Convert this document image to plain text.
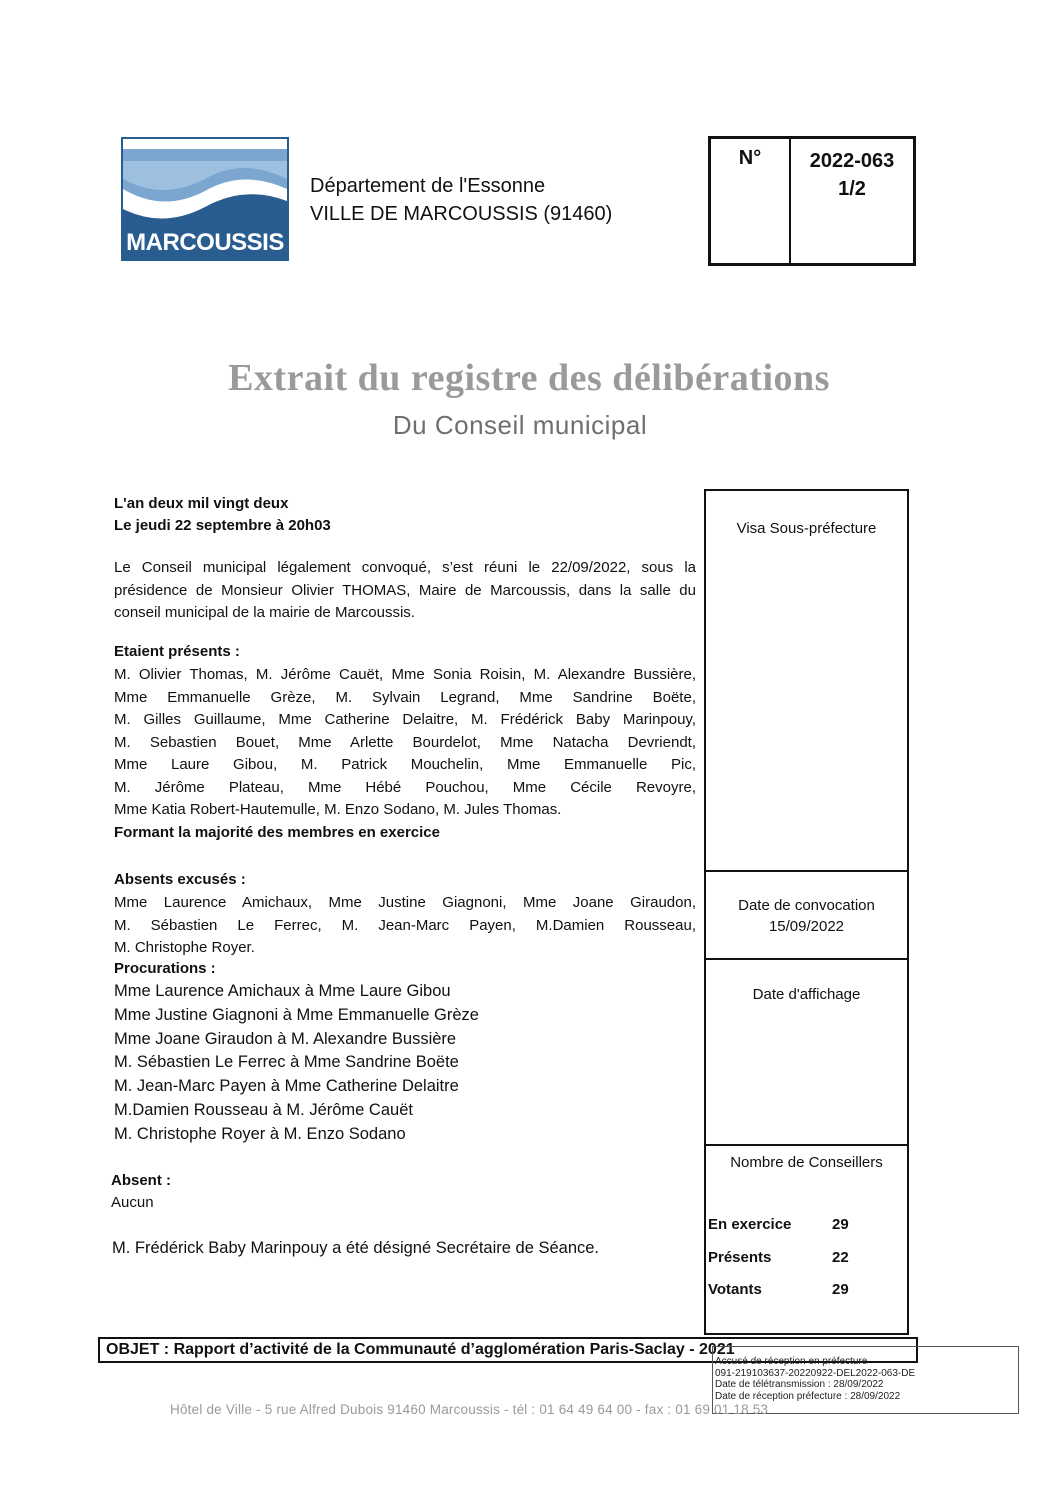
MARCOUSSIS
Département de l'Essonne
VILLE DE MARCOUSSIS (91460)
N°	2022-063
1/2
Extrait du registre des délibérations
Du Conseil municipal
Visa Sous-préfecture
Date de convocation
15/09/2022
Date d'affichage
Nombre de Conseillers
En exercice	29
Présents	22
Votants	29
L'an deux mil vingt deux
Le jeudi 22 septembre à 20h03
Le Conseil municipal légalement convoqué, s’est réuni le 22/09/2022, sous la
présidence de Monsieur Olivier THOMAS, Maire de Marcoussis, dans la salle du
conseil municipal de la mairie de Marcoussis.
Etaient présents :
M. Olivier Thomas, M. Jérôme Cauët, Mme Sonia Roisin, M. Alexandre Bussière,
Mme Emmanuelle Grèze, M. Sylvain Legrand, Mme Sandrine Boëte,
M. Gilles Guillaume, Mme Catherine Delaitre, M. Frédérick Baby Marinpouy,
M. Sebastien Bouet, Mme Arlette Bourdelot, Mme Natacha Devriendt,
Mme Laure Gibou, M. Patrick Mouchelin, Mme Emmanuelle Pic,
M. Jérôme Plateau, Mme Hébé Pouchou, Mme Cécile Revoyre,
Mme Katia Robert-Hautemulle, M. Enzo Sodano, M. Jules Thomas.
Formant la majorité des membres en exercice
Absents excusés :
Mme Laurence Amichaux, Mme Justine Giagnoni, Mme Joane Giraudon,
M. Sébastien Le Ferrec, M. Jean-Marc Payen, M.Damien Rousseau,
M. Christophe Royer.
Procurations :
Mme Laurence Amichaux à Mme Laure Gibou
Mme Justine Giagnoni à Mme Emmanuelle Grèze
Mme Joane Giraudon à M. Alexandre Bussière
M. Sébastien Le Ferrec à Mme Sandrine Boëte
M. Jean-Marc Payen à Mme Catherine Delaitre
M.Damien Rousseau à M. Jérôme Cauët
M. Christophe Royer à M. Enzo Sodano
Absent :
Aucun
M. Frédérick Baby Marinpouy a été désigné Secrétaire de Séance.
OBJET : Rapport d’activité de la Communauté d’agglomération Paris-Saclay - 2021
Accusé de réception en préfecture
091-219103637-20220922-DEL2022-063-DE
Date de télétransmission : 28/09/2022
Date de réception préfecture : 28/09/2022
Hôtel de Ville - 5 rue Alfred Dubois 91460 Marcoussis - tél : 01 64 49 64 00 - fax : 01 69 01 18 53
